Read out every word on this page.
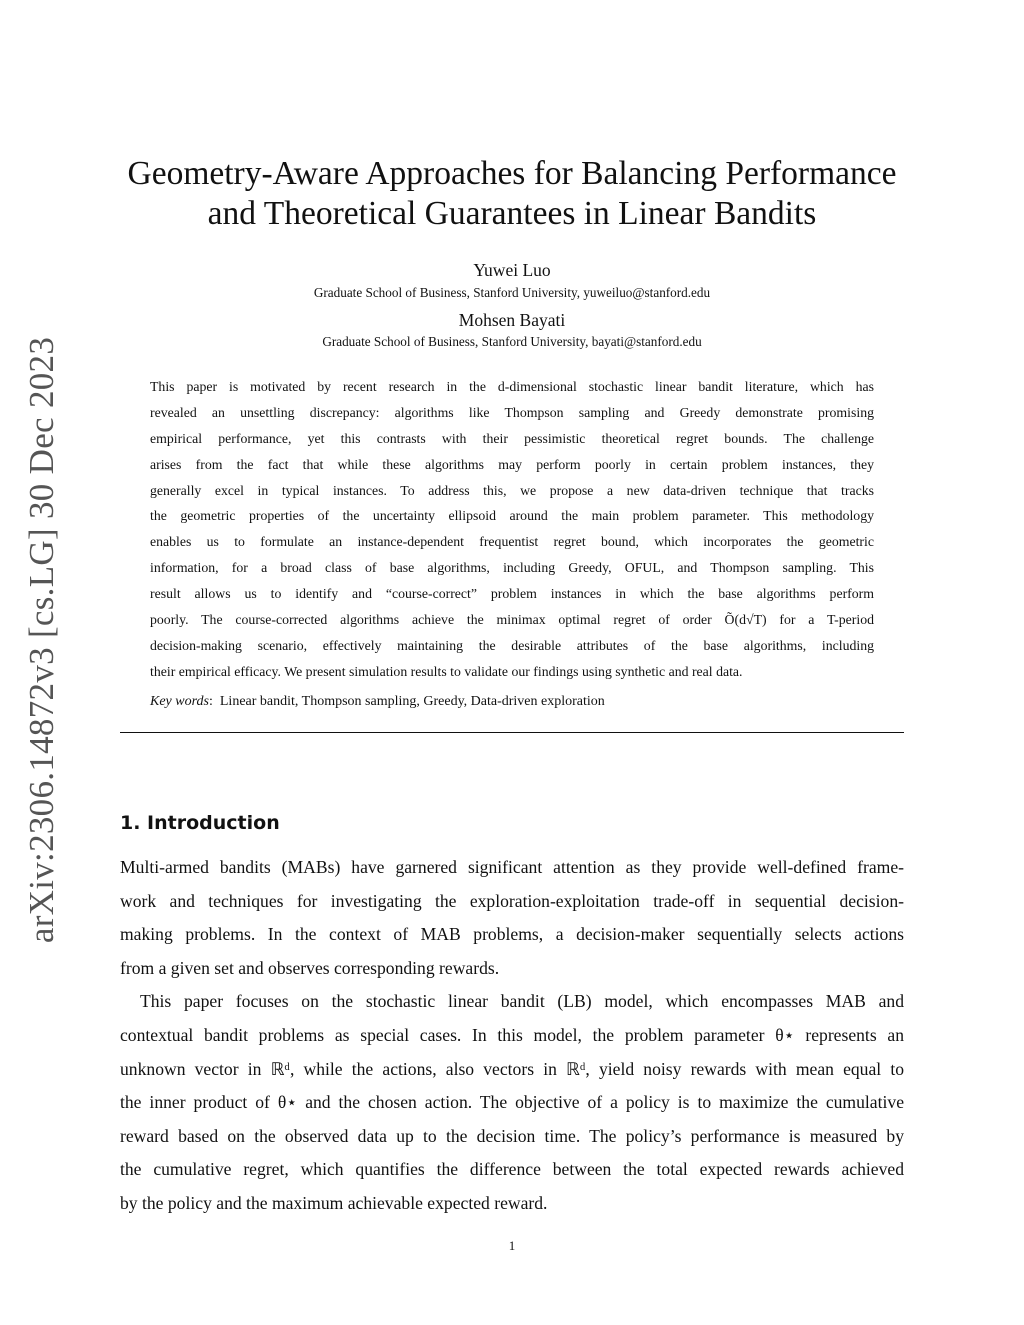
arXiv:2306.14872v3 [cs.LG] 30 Dec 2023
Geometry-Aware Approaches for Balancing Performance
and Theoretical Guarantees in Linear Bandits
Yuwei Luo
Graduate School of Business, Stanford University, yuweiluo@stanford.edu
Mohsen Bayati
Graduate School of Business, Stanford University, bayati@stanford.edu
This paper is motivated by recent research in the d-dimensional stochastic linear bandit literature, which has
revealed an unsettling discrepancy: algorithms like Thompson sampling and Greedy demonstrate promising
empirical performance, yet this contrasts with their pessimistic theoretical regret bounds. The challenge
arises from the fact that while these algorithms may perform poorly in certain problem instances, they
generally excel in typical instances. To address this, we propose a new data-driven technique that tracks
the geometric properties of the uncertainty ellipsoid around the main problem parameter. This methodology
enables us to formulate an instance-dependent frequentist regret bound, which incorporates the geometric
information, for a broad class of base algorithms, including Greedy, OFUL, and Thompson sampling. This
result allows us to identify and “course-correct” problem instances in which the base algorithms perform
poorly. The course-corrected algorithms achieve the minimax optimal regret of order Õ(d√T) for a T-period
decision-making scenario, effectively maintaining the desirable attributes of the base algorithms, including
their empirical efficacy. We present simulation results to validate our findings using synthetic and real data.
Key words:  Linear bandit, Thompson sampling, Greedy, Data-driven exploration
1. Introduction
Multi-armed bandits (MABs) have garnered significant attention as they provide well-defined frame-
work and techniques for investigating the exploration-exploitation trade-off in sequential decision-
making problems. In the context of MAB problems, a decision-maker sequentially selects actions
from a given set and observes corresponding rewards.
This paper focuses on the stochastic linear bandit (LB) model, which encompasses MAB and
contextual bandit problems as special cases. In this model, the problem parameter θ⋆ represents an
unknown vector in ℝᵈ, while the actions, also vectors in ℝᵈ, yield noisy rewards with mean equal to
the inner product of θ⋆ and the chosen action. The objective of a policy is to maximize the cumulative
reward based on the observed data up to the decision time. The policy’s performance is measured by
the cumulative regret, which quantifies the difference between the total expected rewards achieved
by the policy and the maximum achievable expected reward.
1
